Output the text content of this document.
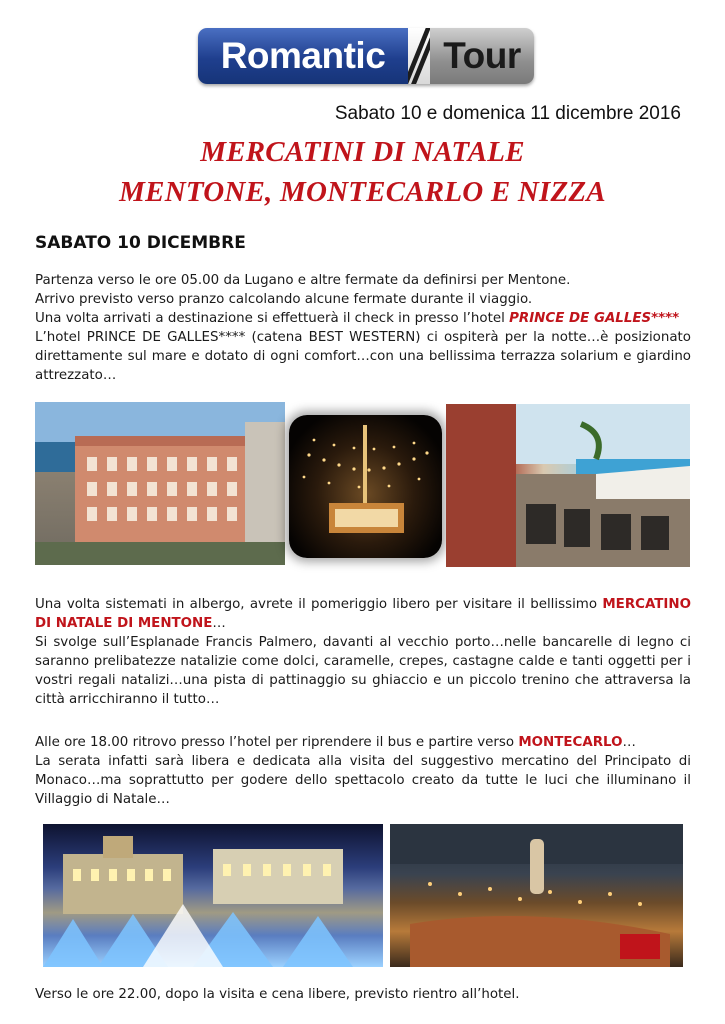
Romantic	Tour
Sabato 10 e domenica 11 dicembre 2016
MERCATINI DI NATALE
MENTONE, MONTECARLO E NIZZA
SABATO 10 DICEMBRE
Partenza verso le ore 05.00 da Lugano e altre fermate da definirsi per Mentone.
Arrivo previsto verso pranzo calcolando alcune fermate durante il viaggio.
Una volta arrivati a destinazione si effettuerà il check in presso l’hotel PRINCE DE GALLES****
L’hotel PRINCE DE GALLES**** (catena BEST WESTERN) ci ospiterà per la notte…è posizionato direttamente sul mare e dotato di ogni comfort…con una bellissima terrazza solarium e giardino attrezzato…
Una volta sistemati in albergo, avrete il pomeriggio libero per visitare il bellissimo MERCATINO DI NATALE DI MENTONE…
Si svolge sull’Esplanade Francis Palmero, davanti al vecchio porto…nelle bancarelle di legno ci saranno prelibatezze natalizie come dolci, caramelle, crepes, castagne calde e tanti oggetti per i vostri regali natalizi…una pista di pattinaggio su ghiaccio e un piccolo trenino che attraversa la città arricchiranno il tutto…
Alle ore 18.00 ritrovo presso l’hotel per riprendere il bus e partire verso MONTECARLO…
La serata infatti sarà libera e dedicata alla visita del suggestivo mercatino del Principato di Monaco…ma soprattutto per godere dello spettacolo creato da tutte le luci che illuminano il Villaggio di Natale…
Verso le ore 22.00, dopo la visita e cena libere, previsto rientro all’hotel.
